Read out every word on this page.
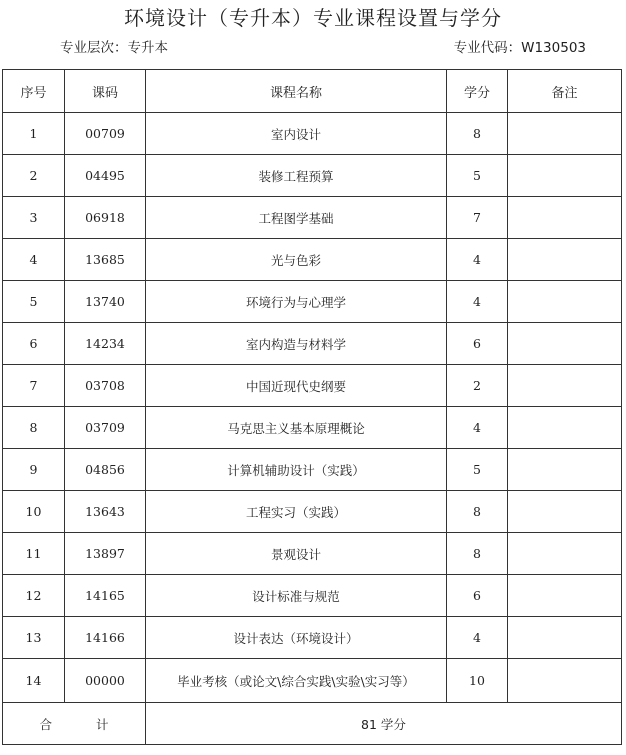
环境设计（专升本）专业课程设置与学分
专业层次：专升本	专业代码：W130503
序号	课码	课程名称	学分	备注
1	00709	室内设计	8	
2	04495	装修工程预算	5	
3	06918	工程图学基础	7	
4	13685	光与色彩	4	
5	13740	环境行为与心理学	4	
6	14234	室内构造与材料学	6	
7	03708	中国近现代史纲要	2	
8	03709	马克思主义基本原理概论	4	
9	04856	计算机辅助设计（实践）	5	
10	13643	工程实习（实践）	8	
11	13897	景观设计	8	
12	14165	设计标准与规范	6	
13	14166	设计表达（环境设计）	4	
14	00000	毕业考核（或论文\综合实践\实验\实习等）	10	
合 计		81 学分		
